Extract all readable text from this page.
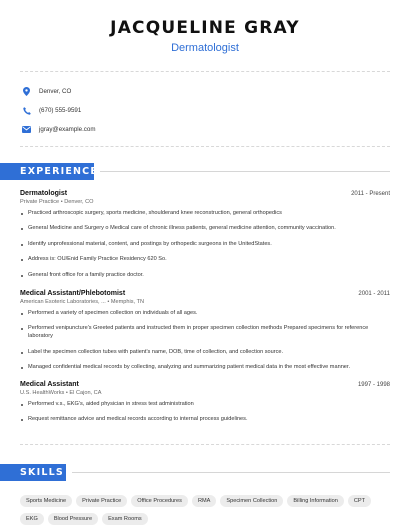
JACQUELINE GRAY
Dermatologist
Denver, CO
(670) 555-9591
jgray@example.com
EXPERIENCE
Dermatologist	2011 - Present
Private Practice • Denver, CO
Practiced arthroscopic surgery, sports medicine, shoulderand knee reconstruction, general orthopedics
General Medicine and Surgery o Medical care of chronic illness patients, general medicine attention, community vaccination.
Identify unprofessional material, content, and postings by orthopedic surgeons in the UnitedStates.
Address is: OU/Enid Family Practice Residency 620 So.
General front office for a family practice doctor.
Medical Assistant/Phlebotomist	2001 - 2011
American Esoteric Laboratories, ... • Memphis, TN
Performed a variety of specimen collection on individuals of all ages.
Performed venipuncture's Greeted patients and instructed them in proper specimen collection methods Prepared specimens for reference laboratory
Label the specimen collection tubes with patient's name, DOB, time of collection, and collection source.
Managed confidential medical records by collecting, analyzing and summarizing patient medical data in the most effective manner.
Medical Assistant	1997 - 1998
U.S. HealthWorks • El Cajon, CA
Performed v.s., EKG's, aided physician in stress test administration
Request remittance advice and medical records according to internal process guidelines.
SKILLS
Sports Medicine	Private Practice	Office Procedures	RMA	Specimen Collection	Billing Information	CPT
EKG	Blood Pressure	Exam Rooms
